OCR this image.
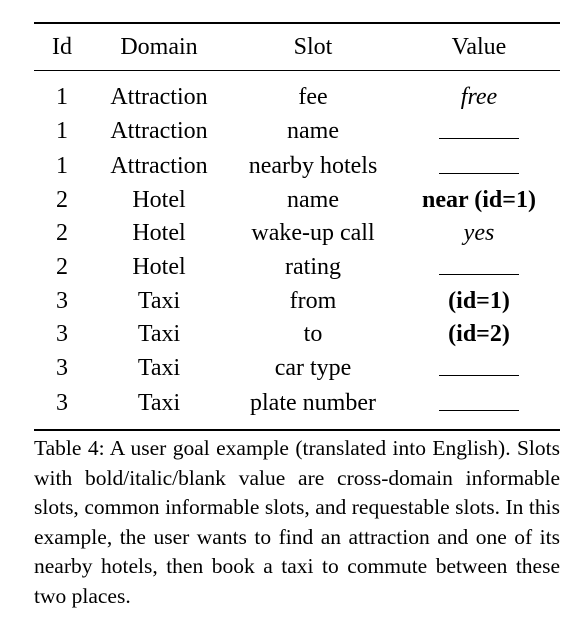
Id	Domain	Slot	Value
1	Attraction	fee	free
1	Attraction	name	
1	Attraction	nearby hotels	
2	Hotel	name	near (id=1)
2	Hotel	wake-up call	yes
2	Hotel	rating	
3	Taxi	from	(id=1)
3	Taxi	to	(id=2)
3	Taxi	car type	
3	Taxi	plate number	

Table 4: A user goal example (translated into English). Slots with bold/italic/blank value are cross-domain informable slots, common informable slots, and requestable slots. In this example, the user wants to find an attraction and one of its nearby hotels, then book a taxi to commute between these two places.
